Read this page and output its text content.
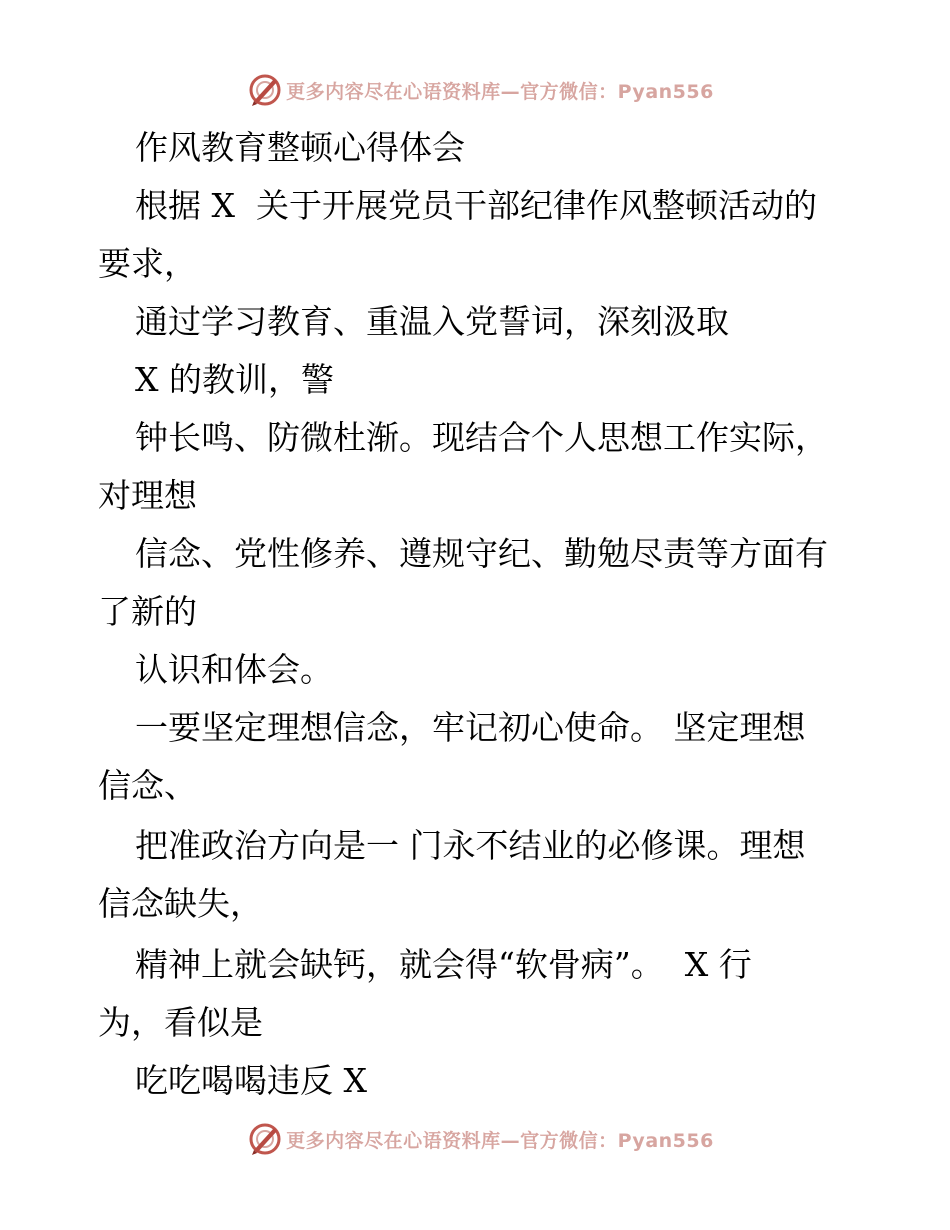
更多内容尽在心语资料库—官方微信：Pyan556
作风教育整顿心得体会
根据 X  关于开展党员干部纪律作风整顿活动的
要求，
通过学习教育、重温入党誓词，深刻汲取
X 的教训，警
钟长鸣、防微杜渐。现结合个人思想工作实际，
对理想
信念、党性修养、遵规守纪、勤勉尽责等方面有
了新的
认识和体会。
一要坚定理想信念，牢记初心使命。 坚定理想
信念、
把准政治方向是一 门永不结业的必修课。理想
信念缺失，
精神上就会缺钙，就会得“软骨病”。  X 行
为，看似是
吃吃喝喝违反 X
更多内容尽在心语资料库—官方微信：Pyan556
